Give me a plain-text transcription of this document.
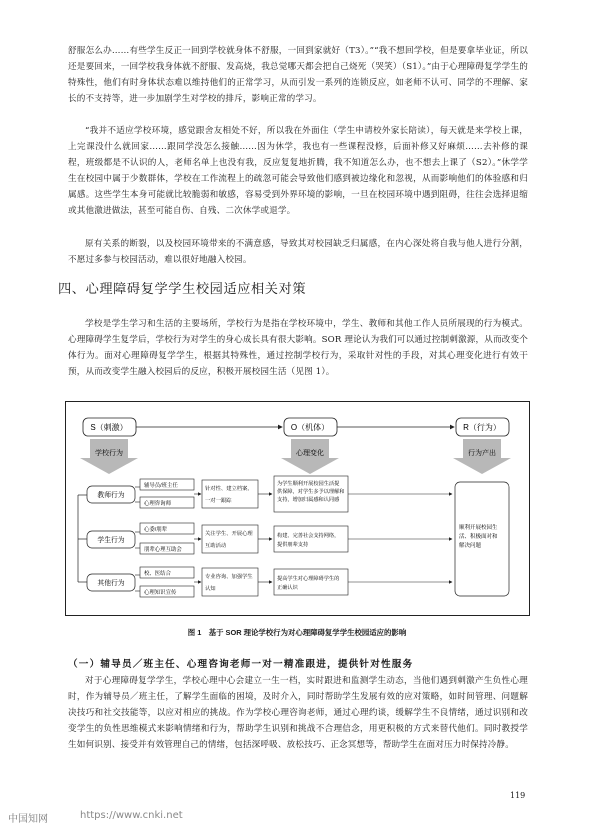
舒服怎么办……有些学生反正一回到学校就身体不舒服，一回到家就好（T3）。”“我不想回学校，但是要拿毕业证，所以还是要回来，一回学校我身体就不舒服、发高烧，我总觉哪天都会把自己烧死（哭笑）（S1）。”由于心理障碍复学学生的特殊性，他们有时身体状态难以维持他们的正常学习，从而引发一系列的连锁反应，如老师不认可、同学的不理解、家长的不支持等，进一步加剧学生对学校的排斥，影响正常的学习。

“我并不适应学校环境，感觉跟舍友相处不好，所以我在外面住（学生申请校外家长陪读），每天就是来学校上课，上完课没什么就回家……跟同学没怎么接触……因为休学，我也有一些课程没修，后面补修又好麻烦……去补修的课程，班级都是不认识的人，老师名单上也没有我，反应复复地折腾，我不知道怎么办，也不想去上课了（S2）。”休学学生在校园中属于少数群体，学校在工作流程上的疏忽可能会导致他们感到被边缘化和忽视，从而影响他们的体验感和归属感。这些学生本身可能就比较脆弱和敏感，容易受到外界环境的影响，一旦在校园环境中遇到阻碍，往往会选择退缩或其他激进做法，甚至可能自伤、自残、二次休学或退学。

原有关系的断裂，以及校园环境带来的不满意感，导致其对校园缺乏归属感，在内心深处将自我与他人进行分割，不愿过多参与校园活动，难以很好地融入校园。

四、心理障碍复学学生校园适应相关对策

学校是学生学习和生活的主要场所，学校行为是指在学校环境中，学生、教师和其他工作人员所展现的行为模式。心理障碍学生复学后，学校行为对学生的身心成长具有很大影响。SOR 理论认为我们可以通过控制刺激源，从而改变个体行为。面对心理障碍复学学生，根据其特殊性，通过控制学校行为，采取针对性的手段，对其心理变化进行有效干预，从而改变学生融入校园后的反应，积极开展校园生活（见图 1）。

S（刺激）	O（机体）	R（行为）
学校行为	心理变化	行为产出
教师行为
辅导员/班主任
心理咨询师
针对性、建立档案、
一对一跟踪
为学生顺利开展校园生活提
供保障，对学生多予以理解和
支持，增加归属感和认同感
学生行为
心委/朋辈
朋辈心理互助会
关注学生、开展心理
互助活动
构建、完善社会支持网络，
提供朋辈支持
其他行为
校、医结合
心理知识宣传
专业咨询、加强学生
认知
提高学生对心理障碍学生的
正确认识
顺利开展校园生
活、积极面对和
解决问题
图 1　基于 SOR 理论学校行为对心理障碍复学学生校园适应的影响
（一）辅导员／班主任、心理咨询老师一对一精准跟进，提供针对性服务

对于心理障碍复学学生，学校心理中心会建立一生一档，实时跟进和监测学生动态，当他们遇到刺激产生负性心理时，作为辅导员／班主任，了解学生面临的困境，及时介入，同时帮助学生发展有效的应对策略，如时间管理、问题解决技巧和社交技能等，以应对相应的挑战。作为学校心理咨询老师，通过心理约谈，缓解学生不良情绪，通过识别和改变学生的负性思维模式来影响情绪和行为，帮助学生识别和挑战不合理信念，用更积极的方式来替代他们。同时教授学生如何识别、接受并有效管理自己的情绪，包括深呼吸、放松技巧、正念冥想等，帮助学生在面对压力时保持冷静。

119
中国知网	https://www.cnki.net
